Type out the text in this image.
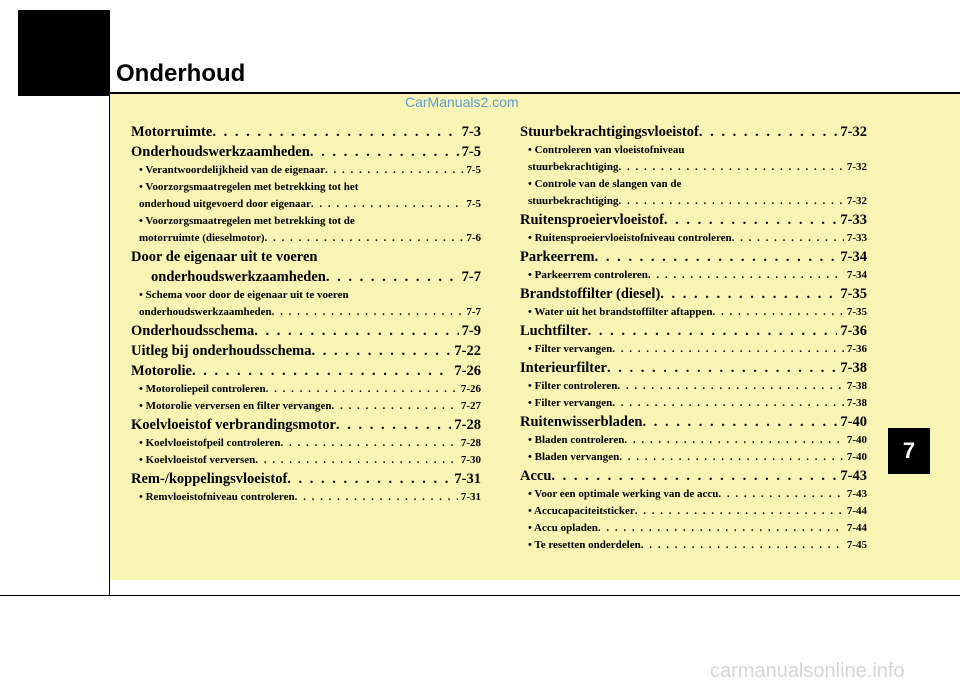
Onderhoud
CarManuals2.com
7
carmanualsonline.info
Motorruimte . . .	7-3
Onderhoudswerkzaamheden . . .	7-5
• Verantwoordelijkheid van de eigenaar . . .	7-5
• Voorzorgsmaatregelen met betrekking tot het
onderhoud uitgevoerd door eigenaar . . .	7-5
• Voorzorgsmaatregelen met betrekking tot de
motorruimte (dieselmotor) . . .	7-6
Door de eigenaar uit te voeren
onderhoudswerkzaamheden . . .	7-7
• Schema voor door de eigenaar uit te voeren
onderhoudswerkzaamheden . . .	7-7
Onderhoudsschema . . .	7-9
Uitleg bij onderhoudsschema . . .	7-22
Motorolie . . .	7-26
• Motoroliepeil controleren . . .	7-26
• Motorolie verversen en filter vervangen . . .	7-27
Koelvloeistof verbrandingsmotor . . .	7-28
• Koelvloeistofpeil controleren . . .	7-28
• Koelvloeistof verversen . . .	7-30
Rem-/koppelingsvloeistof . . .	7-31
• Remvloeistofniveau controleren . . .	7-31
Stuurbekrachtigingsvloeistof . . .	7-32
• Controleren van vloeistofniveau
stuurbekrachtiging . . .	7-32
• Controle van de slangen van de
stuurbekrachtiging . . .	7-32
Ruitensproeiervloeistof . . .	7-33
• Ruitensproeiervloeistofniveau controleren . . .	7-33
Parkeerrem . . .	7-34
• Parkeerrem controleren . . .	7-34
Brandstoffilter (diesel) . . .	7-35
• Water uit het brandstoffilter aftappen . . .	7-35
Luchtfilter . . .	7-36
• Filter vervangen . . .	7-36
Interieurfilter . . .	7-38
• Filter controleren . . .	7-38
• Filter vervangen . . .	7-38
Ruitenwisserbladen . . .	7-40
• Bladen controleren . . .	7-40
• Bladen vervangen . . .	7-40
Accu . . .	7-43
• Voor een optimale werking van de accu . . .	7-43
• Accucapaciteitsticker . . .	7-44
• Accu opladen . . .	7-44
• Te resetten onderdelen . . .	7-45
